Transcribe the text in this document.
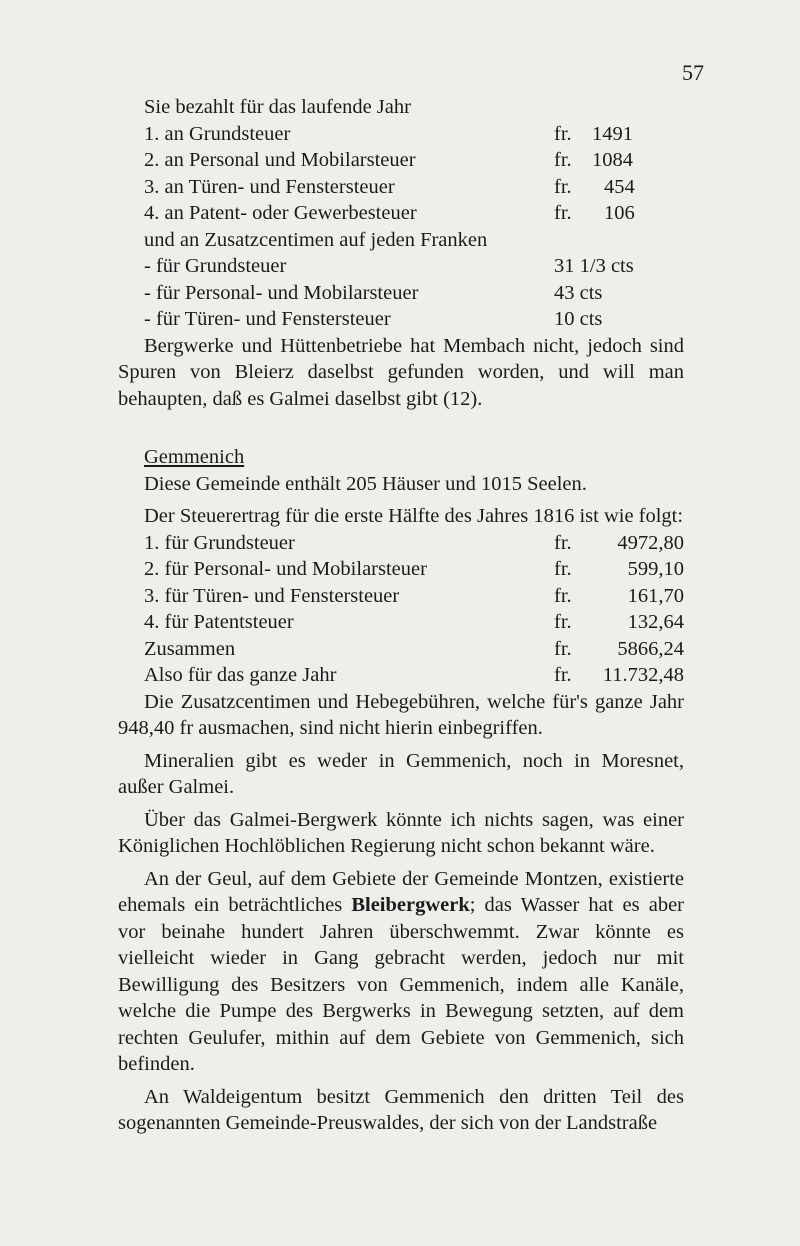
57
Sie bezahlt für das laufende Jahr
1. an Grundsteuer	fr. 1491
2. an Personal und Mobilarsteuer	fr. 1084
3. an Türen- und Fenstersteuer	fr. 454
4. an Patent- oder Gewerbesteuer	fr. 106
und an Zusatzcentimen auf jeden Franken
- für Grundsteuer	31 1/3 cts
- für Personal- und Mobilarsteuer	43 cts
- für Türen- und Fenstersteuer	10 cts

Bergwerke und Hüttenbetriebe hat Membach nicht, jedoch sind Spuren von Bleierz daselbst gefunden worden, und will man behaupten, daß es Galmei daselbst gibt (12).

Gemmenich

Diese Gemeinde enthält 205 Häuser und 1015 Seelen.

Der Steuerertrag für die erste Hälfte des Jahres 1816 ist wie folgt:

1. für Grundsteuer	fr.	4972,80
2. für Personal- und Mobilarsteuer	fr.	599,10
3. für Türen- und Fenstersteuer	fr.	161,70
4. für Patentsteuer	fr.	132,64
Zusammen	fr.	5866,24
Also für das ganze Jahr	fr.	11.732,48

Die Zusatzcentimen und Hebegebühren, welche für's ganze Jahr 948,40 fr ausmachen, sind nicht hierin einbegriffen.

Mineralien gibt es weder in Gemmenich, noch in Moresnet, außer Galmei.

Über das Galmei-Bergwerk könnte ich nichts sagen, was einer Königlichen Hochlöblichen Regierung nicht schon bekannt wäre.

An der Geul, auf dem Gebiete der Gemeinde Montzen, existierte ehemals ein beträchtliches Bleibergwerk; das Wasser hat es aber vor beinahe hundert Jahren überschwemmt. Zwar könnte es vielleicht wieder in Gang gebracht werden, jedoch nur mit Bewilligung des Besitzers von Gemmenich, indem alle Kanäle, welche die Pumpe des Bergwerks in Bewegung setzten, auf dem rechten Geulufer, mithin auf dem Gebiete von Gemmenich, sich befinden.

An Waldeigentum besitzt Gemmenich den dritten Teil des sogenannten Gemeinde-Preuswaldes, der sich von der Landstraße
